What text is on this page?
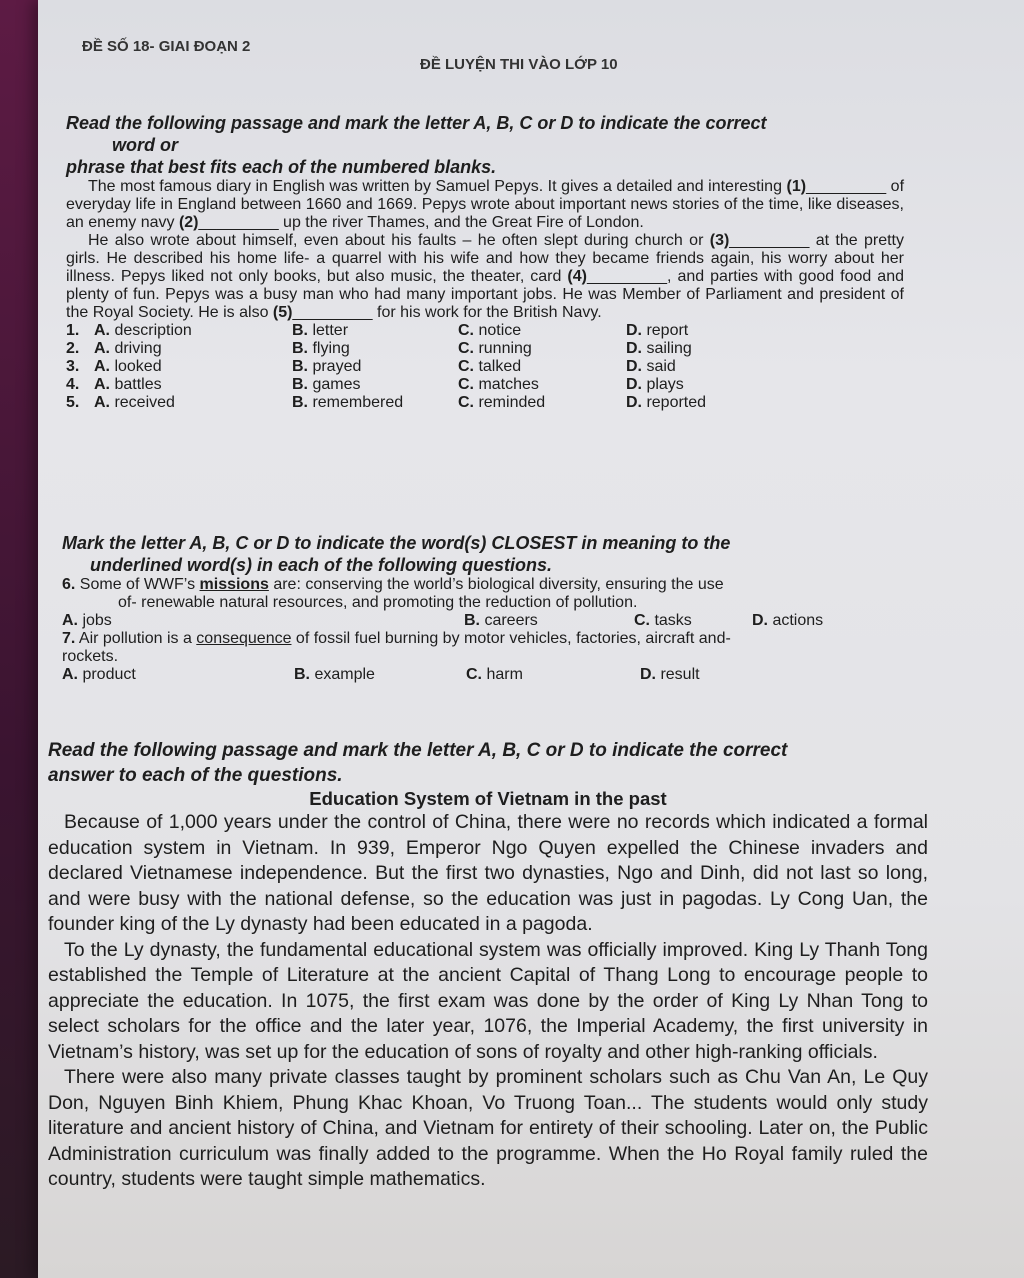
ĐỀ SỐ 18- GIAI ĐOẠN 2
ĐỀ LUYỆN THI VÀO LỚP 10
Read the following passage and mark the letter A, B, C or D to indicate the correct
word or
phrase that best fits each of the numbered blanks.

The most famous diary in English was written by Samuel Pepys. It gives a detailed and interesting (1)_________ of everyday life in England between 1660 and 1669. Pepys wrote about important news stories of the time, like diseases, an enemy navy (2)_________ up the river Thames, and the Great Fire of London.

He also wrote about himself, even about his faults – he often slept during church or (3)_________ at the pretty girls. He described his home life- a quarrel with his wife and how they became friends again, his worry about her illness. Pepys liked not only books, but also music, the theater, card (4)_________, and parties with good food and plenty of fun. Pepys was a busy man who had many important jobs. He was Member of Parliament and president of the Royal Society. He is also (5)_________ for his work for the British Navy.

1. A. description	B. letter	C. notice	D. report
2. A. driving	B. flying	C. running	D. sailing
3. A. looked	B. prayed	C. talked	D. said
4. A. battles	B. games	C. matches	D. plays
5. A. received	B. remembered	C. reminded	D. reported
Mark the letter A, B, C or D to indicate the word(s) CLOSEST in meaning to the
underlined word(s) in each of the following questions.
6. Some of WWF’s missions are: conserving the world’s biological diversity, ensuring the use
of- renewable natural resources, and promoting the reduction of pollution.
A. jobs	B. careers	C. tasks	D. actions
7. Air pollution is a consequence of fossil fuel burning by motor vehicles, factories, aircraft and-
rockets.
A. product	B. example	C. harm	D. result
Read the following passage and mark the letter A, B, C or D to indicate the correct
answer to each of the questions.
Education System of Vietnam in the past

Because of 1,000 years under the control of China, there were no records which indicated a formal education system in Vietnam. In 939, Emperor Ngo Quyen expelled the Chinese invaders and declared Vietnamese independence. But the first two dynasties, Ngo and Dinh, did not last so long, and were busy with the national defense, so the education was just in pagodas. Ly Cong Uan, the founder king of the Ly dynasty had been educated in a pagoda.

To the Ly dynasty, the fundamental educational system was officially improved. King Ly Thanh Tong established the Temple of Literature at the ancient Capital of Thang Long to encourage people to appreciate the education. In 1075, the first exam was done by the order of King Ly Nhan Tong to select scholars for the office and the later year, 1076, the Imperial Academy, the first university in Vietnam’s history, was set up for the education of sons of royalty and other high-ranking officials.

There were also many private classes taught by prominent scholars such as Chu Van An, Le Quy Don, Nguyen Binh Khiem, Phung Khac Khoan, Vo Truong Toan... The students would only study literature and ancient history of China, and Vietnam for entirety of their schooling. Later on, the Public Administration curriculum was finally added to the programme. When the Ho Royal family ruled the country, students were taught simple mathematics.
